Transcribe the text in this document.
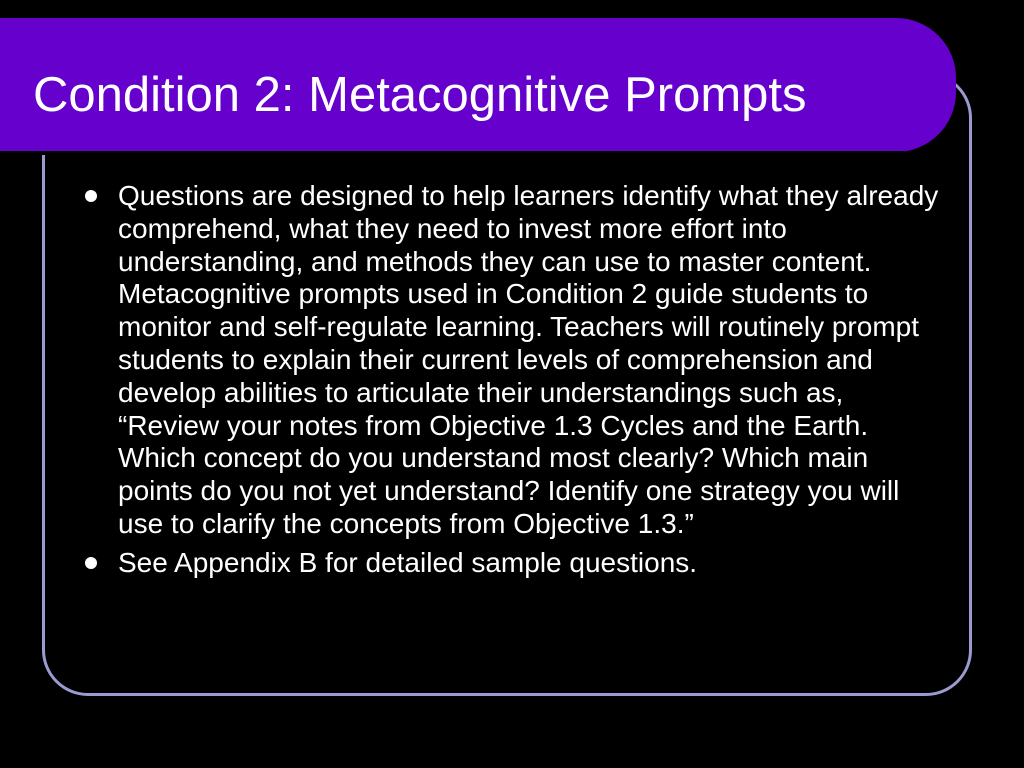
Condition 2: Metacognitive Prompts
Questions are designed to help learners identify what they already comprehend, what they need to invest more effort into understanding, and methods they can use to master content. Metacognitive prompts used in Condition 2 guide students to monitor and self-regulate learning. Teachers will routinely prompt students to explain their current levels of comprehension and develop abilities to articulate their understandings such as, “Review your notes from Objective 1.3 Cycles and the Earth. Which concept do you understand most clearly? Which main points do you not yet understand? Identify one strategy you will use to clarify the concepts from Objective 1.3.”
See Appendix B for detailed sample questions.
